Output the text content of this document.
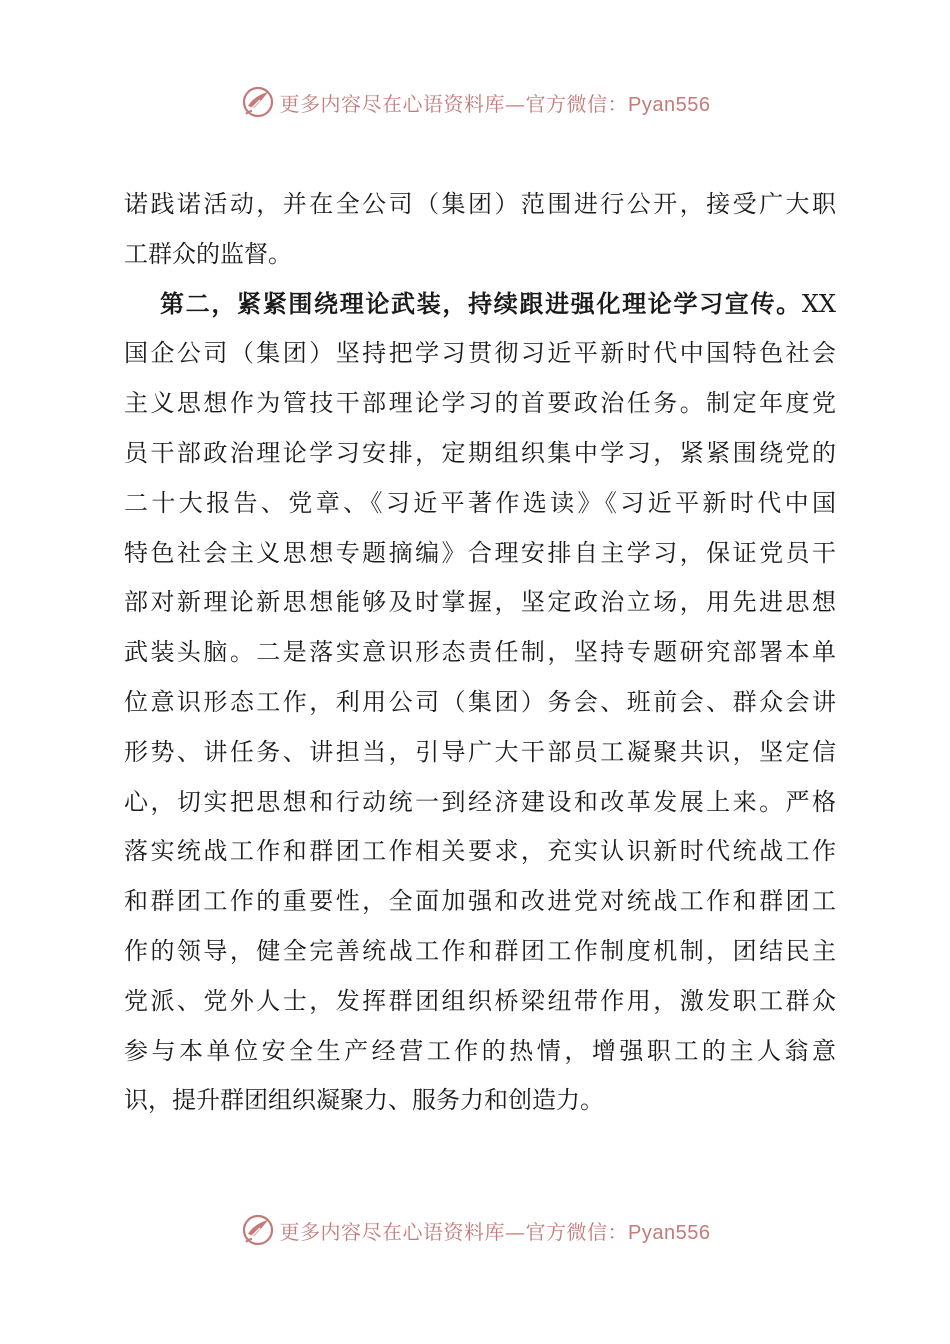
更多内容尽在心语资料库—官方微信：Pyan556
诺践诺活动，并在全公司（集团）范围进行公开，接受广大职
工群众的监督。
第二，紧紧围绕理论武装，持续跟进强化理论学习宣传。XX
国企公司（集团）坚持把学习贯彻习近平新时代中国特色社会
主义思想作为管技干部理论学习的首要政治任务。制定年度党
员干部政治理论学习安排，定期组织集中学习，紧紧围绕党的
二十大报告、党章、《习近平著作选读》《习近平新时代中国
特色社会主义思想专题摘编》合理安排自主学习，保证党员干
部对新理论新思想能够及时掌握，坚定政治立场，用先进思想
武装头脑。二是落实意识形态责任制，坚持专题研究部署本单
位意识形态工作，利用公司（集团）务会、班前会、群众会讲
形势、讲任务、讲担当，引导广大干部员工凝聚共识，坚定信
心，切实把思想和行动统一到经济建设和改革发展上来。严格
落实统战工作和群团工作相关要求，充实认识新时代统战工作
和群团工作的重要性，全面加强和改进党对统战工作和群团工
作的领导，健全完善统战工作和群团工作制度机制，团结民主
党派、党外人士，发挥群团组织桥梁纽带作用，激发职工群众
参与本单位安全生产经营工作的热情，增强职工的主人翁意
识，提升群团组织凝聚力、服务力和创造力。
更多内容尽在心语资料库—官方微信：Pyan556
